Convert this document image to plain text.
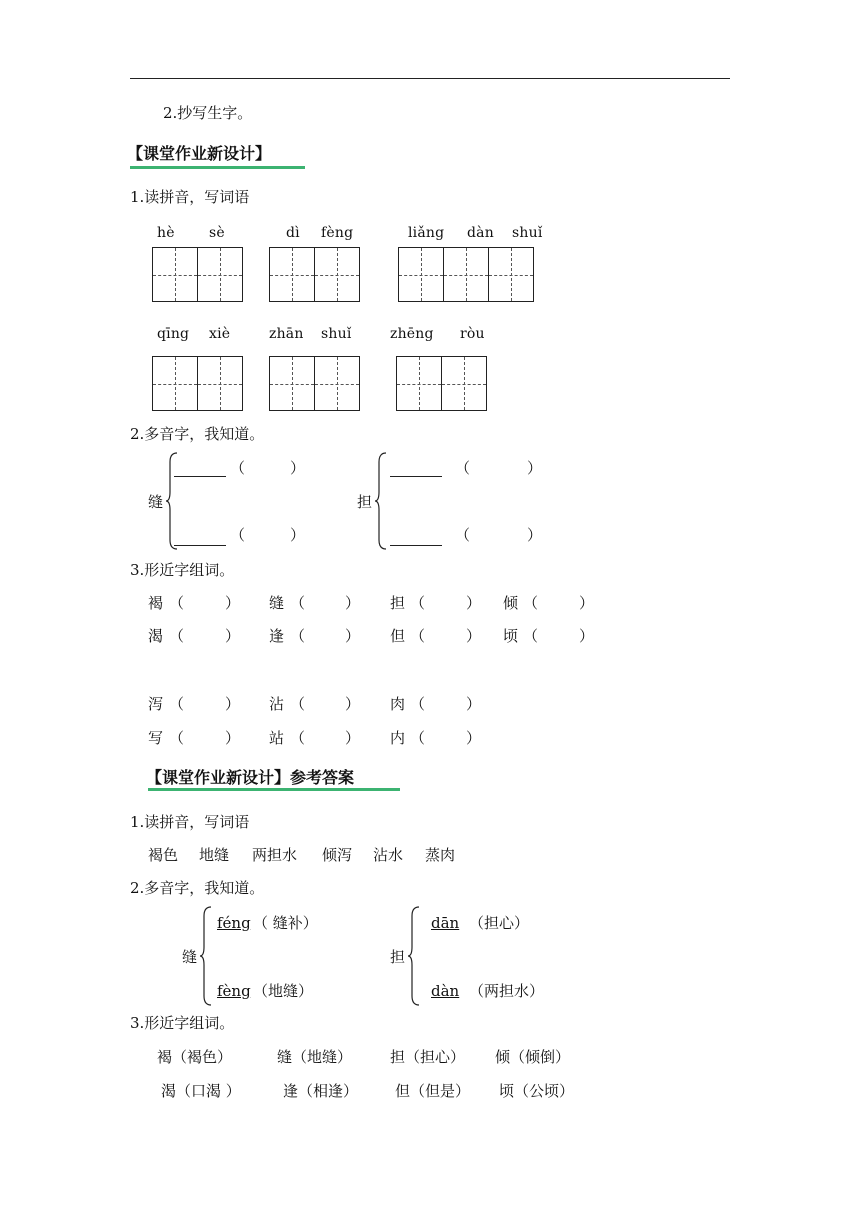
2.抄写生字。
【课堂作业新设计】
1.读拼音，写词语
hè sè	dì fèng	liǎng dàn shuǐ
qīng xiè	zhān shuǐ	zhēng ròu
2.多音字，我知道。
缝
（	）
（	）
担
（	）
（	）
3.形近字组词。
褐 （	） 缝 （	） 担 （	） 倾 （	）
渴 （	） 逢 （	） 但 （	） 顷 （	）
泻 （	） 沾 （	） 肉 （	）
写 （	） 站 （	） 内 （	）
【课堂作业新设计】参考答案
1.读拼音，写词语
褐色 地缝 两担水 倾泻 沾水 蒸肉
2.多音字，我知道。
缝
féng （ 缝补）
fèng （地缝）
担
dān （担心）
dàn （两担水）
3.形近字组词。
褐（褐色）	缝（地缝）	担（担心） 倾（倾倒）
渴（口渴 ）	逢（相逢） 但（但是） 顷（公顷）
